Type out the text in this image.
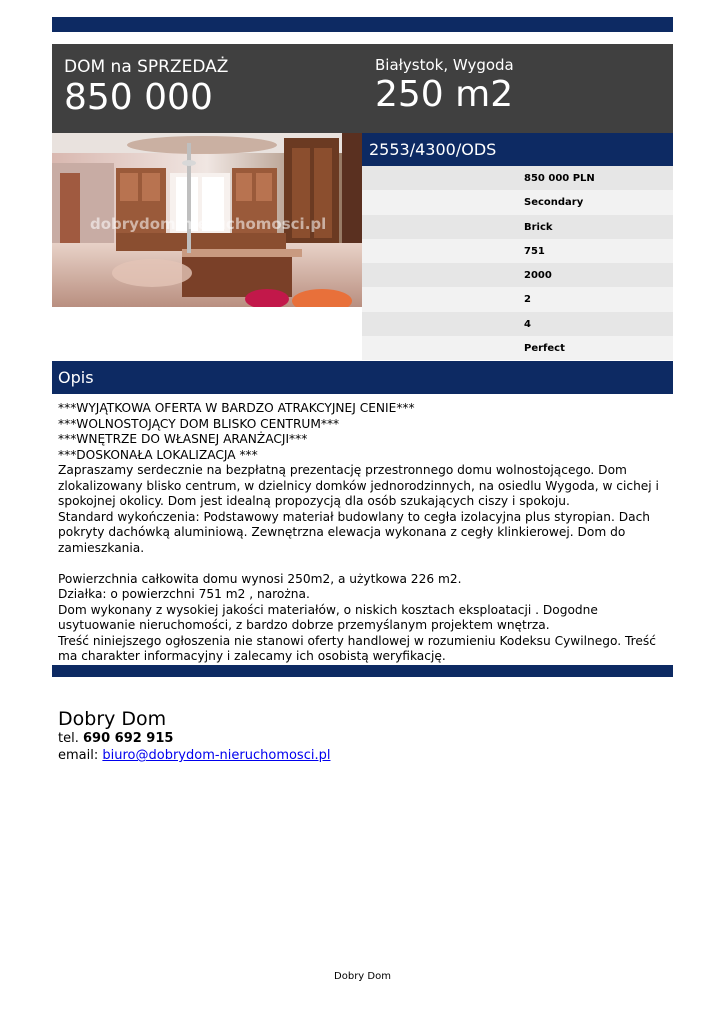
DOM na SPRZEDAŻ
850 000
Białystok, Wygoda
250 m2
dobrydom-nieruchomosci.pl
2553/4300/ODS
850 000 PLN
Secondary
Brick
751
2000
2
4
Perfect
Opis

***WYJĄTKOWA OFERTA W BARDZO ATRAKCYJNEJ CENIE***

***WOLNOSTOJĄCY DOM BLISKO CENTRUM***

***WNĘTRZE DO WŁASNEJ ARANŻACJI***

***DOSKONAŁA LOKALIZACJA ***

Zapraszamy serdecznie na bezpłatną prezentację przestronnego domu wolnostojącego. Dom zlokalizowany blisko centrum, w dzielnicy domków jednorodzinnych, na osiedlu Wygoda, w cichej i spokojnej okolicy. Dom jest idealną propozycją dla osób szukających ciszy i spokoju.

Standard wykończenia: Podstawowy materiał budowlany to cegła izolacyjna plus styropian. Dach pokryty dachówką aluminiową. Zewnętrzna elewacja wykonana z cegły klinkierowej. Dom do zamieszkania.

Powierzchnia całkowita domu wynosi 250m2, a użytkowa 226 m2.

Działka: o powierzchni 751 m2 , narożna.

Dom wykonany z wysokiej jakości materiałów, o niskich kosztach eksploatacji . Dogodne usytuowanie nieruchomości, z bardzo dobrze przemyślanym projektem wnętrza.

Treść niniejszego ogłoszenia nie stanowi oferty handlowej w rozumieniu Kodeksu Cywilnego. Treść ma charakter informacyjny i zalecamy ich osobistą weryfikację.

Dobry Dom
tel. 690 692 915
email: biuro@dobrydom-nieruchomosci.pl
Dobry Dom
